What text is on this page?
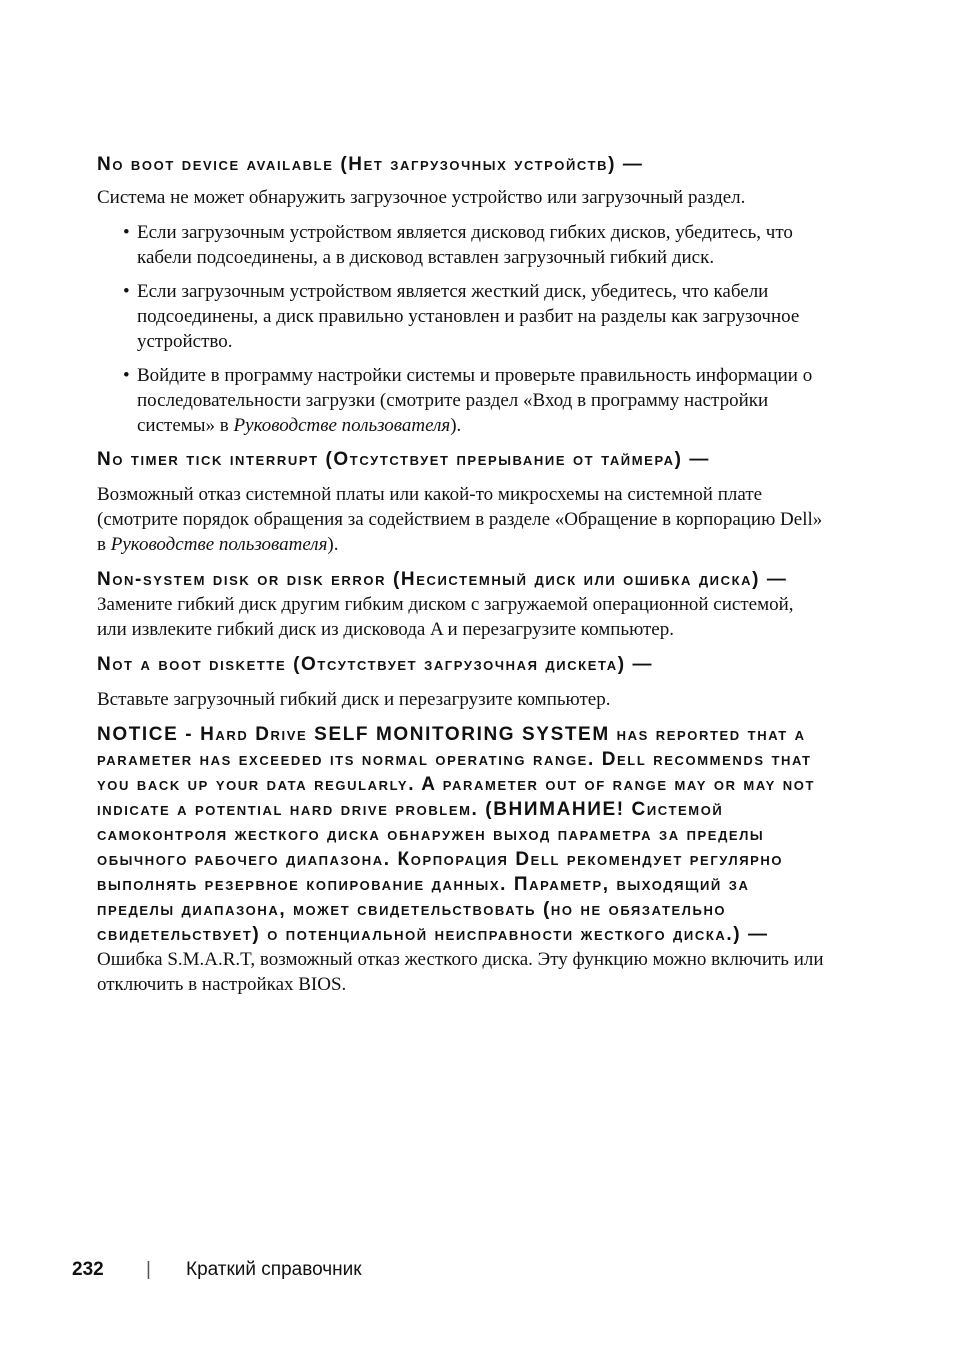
No boot device available (Нет загрузочных устройств) —

Система не может обнаружить загрузочное устройство или загрузочный раздел.

• Если загрузочным устройством является дисковод гибких дисков, убедитесь, что кабели подсоединены, а в дисковод вставлен загрузочный гибкий диск.
• Если загрузочным устройством является жесткий диск, убедитесь, что кабели подсоединены, а диск правильно установлен и разбит на разделы как загрузочное устройство.
• Войдите в программу настройки системы и проверьте правильность информации о последовательности загрузки (смотрите раздел «Вход в программу настройки системы» в Руководстве пользователя).

No timer tick interrupt (Отсутствует прерывание от таймера) —

Возможный отказ системной платы или какой-то микросхемы на системной плате (смотрите порядок обращения за содействием в разделе «Обращение в корпорацию Dell» в Руководстве пользователя).

Non-system disk or disk error (Несистемный диск или ошибка диска) — Замените гибкий диск другим гибким диском с загружаемой операционной системой, или извлеките гибкий диск из дисковода A и перезагрузите компьютер.

Not a boot diskette (Отсутствует загрузочная дискета) —

Вставьте загрузочный гибкий диск и перезагрузите компьютер.

NOTICE - Hard Drive SELF MONITORING SYSTEM has reported that a parameter has exceeded its normal operating range. Dell recommends that you back up your data regularly. A parameter out of range may or may not indicate a potential hard drive problem. (ВНИМАНИЕ! Системой самоконтроля жесткого диска обнаружен выход параметра за пределы обычного рабочего диапазона. Корпорация Dell рекомендует регулярно выполнять резервное копирование данных. Параметр, выходящий за пределы диапазона, может свидетельствовать (но не обязательно свидетельствует) о потенциальной неисправности жесткого диска.) — Ошибка S.M.A.R.T, возможный отказ жесткого диска. Эту функцию можно включить или отключить в настройках BIOS.

232 | Краткий справочник
